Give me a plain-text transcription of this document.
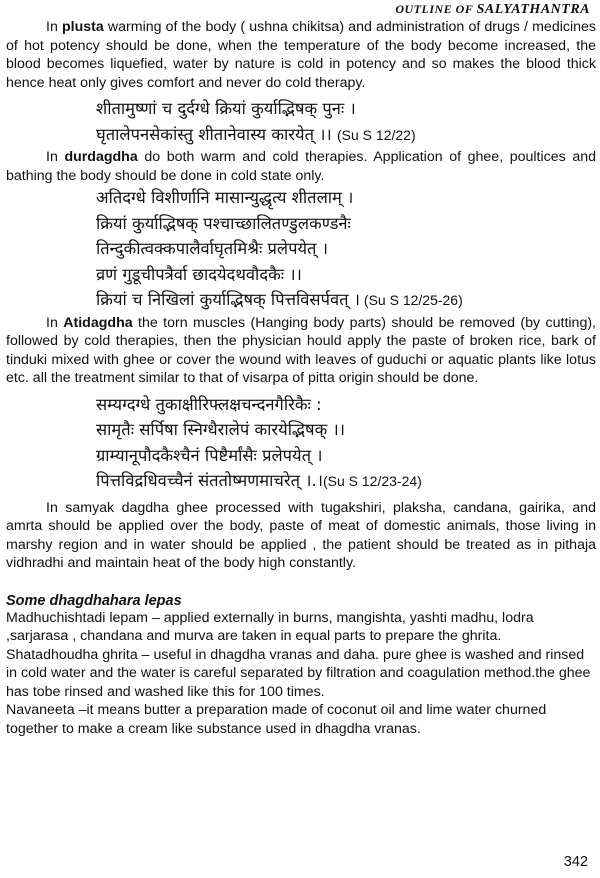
OUTLINE OF SALYATHANTRA

In plusta warming of the body ( ushna chikitsa) and administration of drugs / medicines of hot potency should be done, when the temperature of the body become increased, the blood becomes liquefied, water by nature is cold in potency and so makes the blood thick hence heat only gives comfort and never do cold therapy.

शीतामुष्णां च दुर्दग्धे क्रियां कुर्याद्भिषक् पुनः ।
घृतालेपनसेकांस्तु शीतानेवास्य कारयेत् ।। (Su S 12/22)

In durdagdha do both warm and cold therapies. Application of ghee, poultices and bathing the body should be done in cold state only.

अतिदग्धे विशीर्णानि मासान्युद्धृत्य शीतलाम् ।
क्रियां कुर्याद्भिषक् पश्चाच्छालितण्डुलकण्डनैः
तिन्दुकीत्वक्कपालैर्वाघृतमिश्रैः प्रलेपयेत् ।
व्रणं गुडूचीपत्रैर्वा छादयेदथवौदकैः ।।
क्रियां च निखिलां कुर्याद्भिषक् पित्तविसर्पवत् । (Su S 12/25-26)

In Atidagdha the torn muscles (Hanging body parts) should be removed (by cutting), followed by cold therapies, then the physician hould apply the paste of broken rice, bark of tinduki mixed with ghee or cover the wound with leaves of guduchi or aquatic plants like lotus etc. all the treatment similar to that of visarpa of pitta origin should be done.

सम्यग्दग्धे तुकाक्षीरिफ्लक्षचन्दनगैरिकैः :
सामृतैः सर्पिषा स्निग्धैरालेपं कारयेद्भिषक् ।।
ग्राम्यानूपौदकैश्चैनं पिष्टैर्मांसैः प्रलेपयेत् ।
पित्तविद्रधिवच्चैनं संततोष्मणमाचरेत् ।.।(Su S 12/23-24)

In samyak dagdha ghee processed with tugakshiri, plaksha, candana, gairika, and amrta should be applied over the body, paste of meat of domestic animals, those living in marshy region and in water should be applied , the patient should be treated as in pithaja vidhradhi and maintain heat of the body high constantly.

Some dhagdhahara lepas

Madhuchishtadi lepam – applied externally in burns, mangishta, yashti madhu, lodra ,sarjarasa , chandana and murva are taken in equal parts to prepare the ghrita.

Shatadhoudha ghrita – useful in dhagdha vranas and daha. pure ghee is washed and rinsed in cold water and the water is careful separated by filtration and coagulation method.the ghee has tobe rinsed and washed like this for 100 times.

Navaneeta –it means butter a preparation made of coconut oil and lime water churned together to make a cream like substance used in dhagdha vranas.

342
